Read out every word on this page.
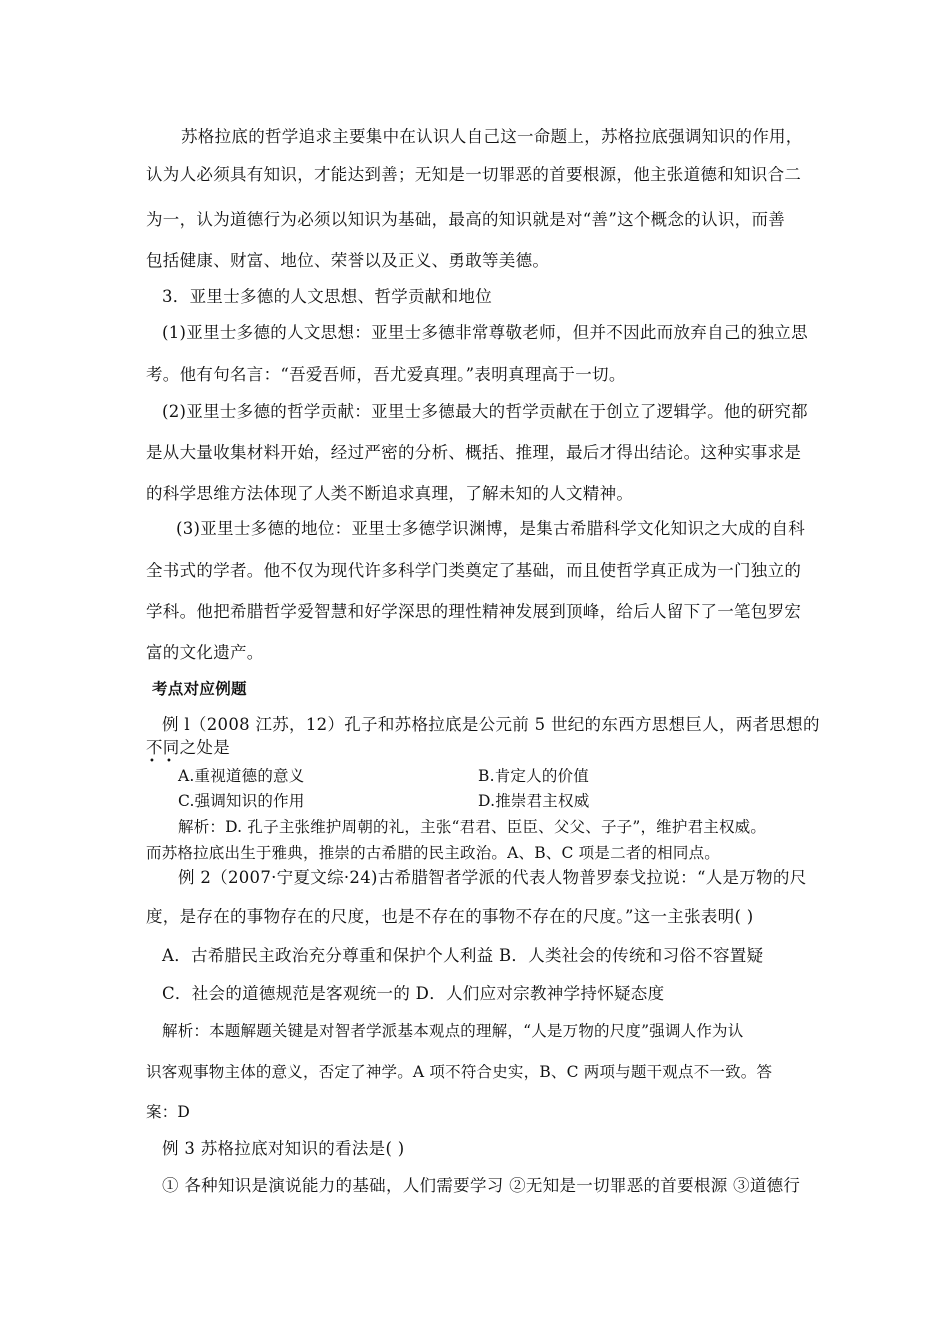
苏格拉底的哲学追求主要集中在认识人自己这一命题上，苏格拉底强调知识的作用，
认为人必须具有知识，才能达到善；无知是一切罪恶的首要根源，他主张道德和知识合二
为一，认为道德行为必须以知识为基础，最高的知识就是对“善”这个概念的认识，而善
包括健康、财富、地位、荣誉以及正义、勇敢等美德。
3．亚里士多德的人文思想、哲学贡献和地位
(1)亚里士多德的人文思想：亚里士多德非常尊敬老师，但并不因此而放弃自己的独立思
考。他有句名言：“吾爱吾师，吾尤爱真理。”表明真理高于一切。
(2)亚里士多德的哲学贡献：亚里士多德最大的哲学贡献在于创立了逻辑学。他的研究都
是从大量收集材料开始，经过严密的分析、概括、推理，最后才得出结论。这种实事求是
的科学思维方法体现了人类不断追求真理，了解未知的人文精神。
(3)亚里士多德的地位：亚里士多德学识渊博，是集古希腊科学文化知识之大成的自科
全书式的学者。他不仅为现代许多科学门类奠定了基础，而且使哲学真正成为一门独立的
学科。他把希腊哲学爱智慧和好学深思的理性精神发展到顶峰，给后人留下了一笔包罗宏
富的文化遗产。
考点对应例题
例 l（2008 江苏，12）孔子和苏格拉底是公元前 5 世纪的东西方思想巨人，两者思想的
不同之处是
• •
A.重视道德的意义	B.肯定人的价值
C.强调知识的作用	D.推崇君主权威
解析：D. 孔子主张维护周朝的礼，主张“君君、臣臣、父父、子子”，维护君主权威。
而苏格拉底出生于雅典，推崇的古希腊的民主政治。A、B、C 项是二者的相同点。
例 2（2007·宁夏文综·24)古希腊智者学派的代表人物普罗泰戈拉说：“人是万物的尺
度，是存在的事物存在的尺度，也是不存在的事物不存在的尺度。”这一主张表明( )
A．古希腊民主政治充分尊重和保护个人利益 B．人类社会的传统和习俗不容置疑
C．社会的道德规范是客观统一的 D．人们应对宗教神学持怀疑态度
解析：本题解题关键是对智者学派基本观点的理解，“人是万物的尺度”强调人作为认
识客观事物主体的意义，否定了神学。A 项不符合史实，B、C 两项与题干观点不一致。答
案：D
例 3 苏格拉底对知识的看法是( )
① 各种知识是演说能力的基础，人们需要学习 ②无知是一切罪恶的首要根源 ③道德行
